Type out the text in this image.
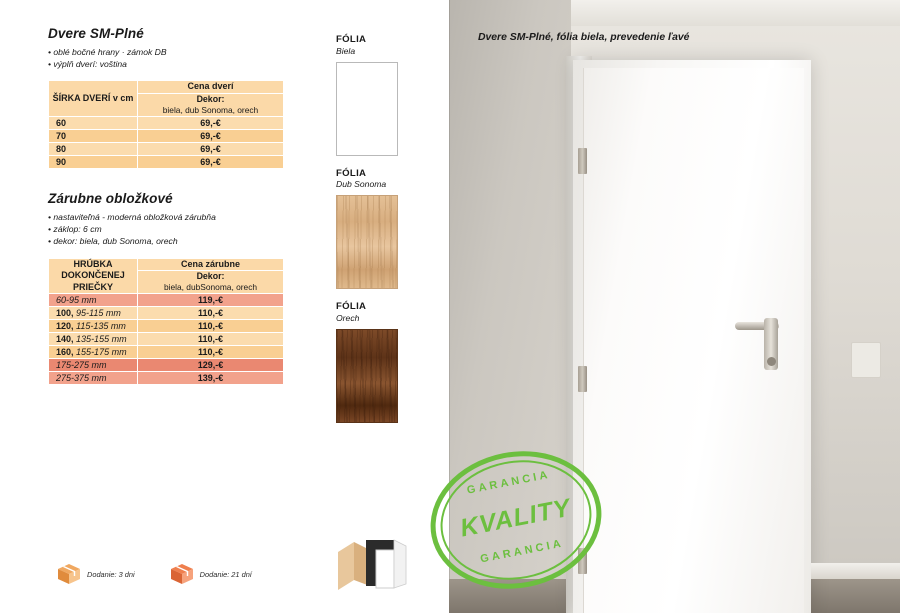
Dvere SM-Plné
• oblé bočné hrany · zámok DB
• výplň dverí: voština
ŠÍRKA DVERÍ v cm	Cena dverí
	Dekor:
biela, dub Sonoma, orech
60	69,-€
70	69,-€
80	69,-€
90	69,-€
Zárubne obložkové
• nastaviteľná - moderná obložková zárubňa
• záklop: 6 cm
• dekor: biela, dub Sonoma, orech
HRÚBKA DOKONČENEJ PRIEČKY	Cena zárubne
	Dekor:
biela, dubSonoma, orech
60-95 mm	119,-€
100, 95-115 mm	110,-€
120, 115-135 mm	110,-€
140, 135-155 mm	110,-€
160, 155-175 mm	110,-€
175-275 mm	129,-€
275-375 mm	139,-€
Dodanie: 3 dni	Dodanie: 21 dní
FÓLIA
Biela
FÓLIA
Dub Sonoma
FÓLIA
Orech
Dvere SM-Plné, fólia biela, prevedenie ľavé
GARANCIA
KVALITY
GARANCIA
